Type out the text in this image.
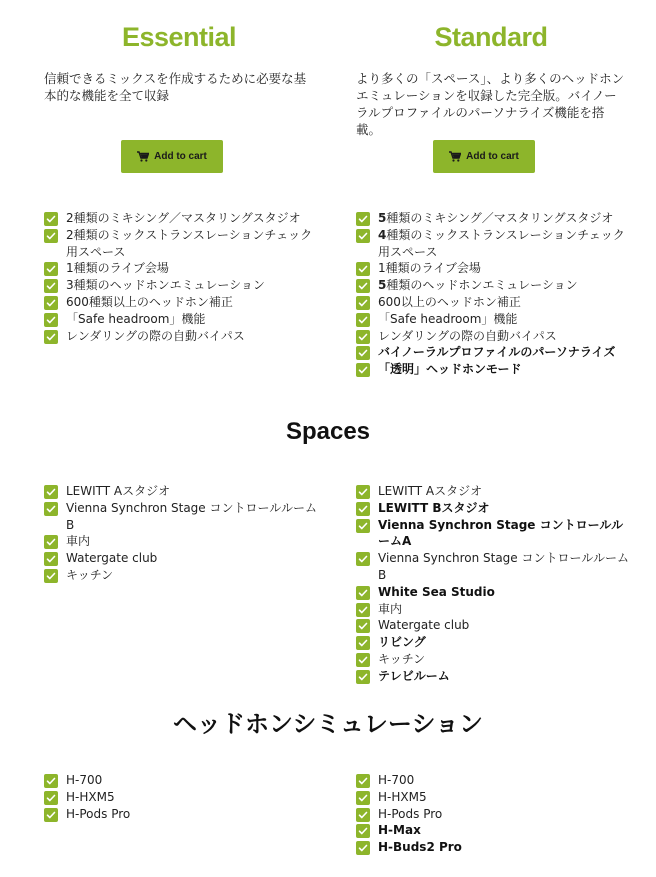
Essential

信頼できるミックスを作成するために必要な基本的な機能を全て収録

Add to cart
2種類のミキシング／マスタリングスタジオ
2種類のミックストランスレーションチェック用スペース
1種類のライブ会場
3種類のヘッドホンエミュレーション
600種類以上のヘッドホン補正
「Safe headroom」機能
レンダリングの際の自動バイパス
LEWITT Aスタジオ
Vienna Synchron Stage コントロールルームB
車内
Watergate club
キッチン
H-700
H-HXM5
H-Pods Pro
Standard

より多くの「スペース」、より多くのヘッドホンエミュレーションを収録した完全版。バイノーラルプロファイルのパーソナライズ機能を搭載。

Add to cart
5種類のミキシング／マスタリングスタジオ
4種類のミックストランスレーションチェック用スペース
1種類のライブ会場
5種類のヘッドホンエミュレーション
600以上のヘッドホン補正
「Safe headroom」機能
レンダリングの際の自動バイパス
バイノーラルプロファイルのパーソナライズ
「透明」ヘッドホンモード
LEWITT Aスタジオ
LEWITT Bスタジオ
Vienna Synchron Stage コントロールルームA
Vienna Synchron Stage コントロールルームB
White Sea Studio
車内
Watergate club
リビング
キッチン
テレビルーム
H-700
H-HXM5
H-Pods Pro
H-Max
H-Buds2 Pro
Spaces
ヘッドホンシミュレーション
